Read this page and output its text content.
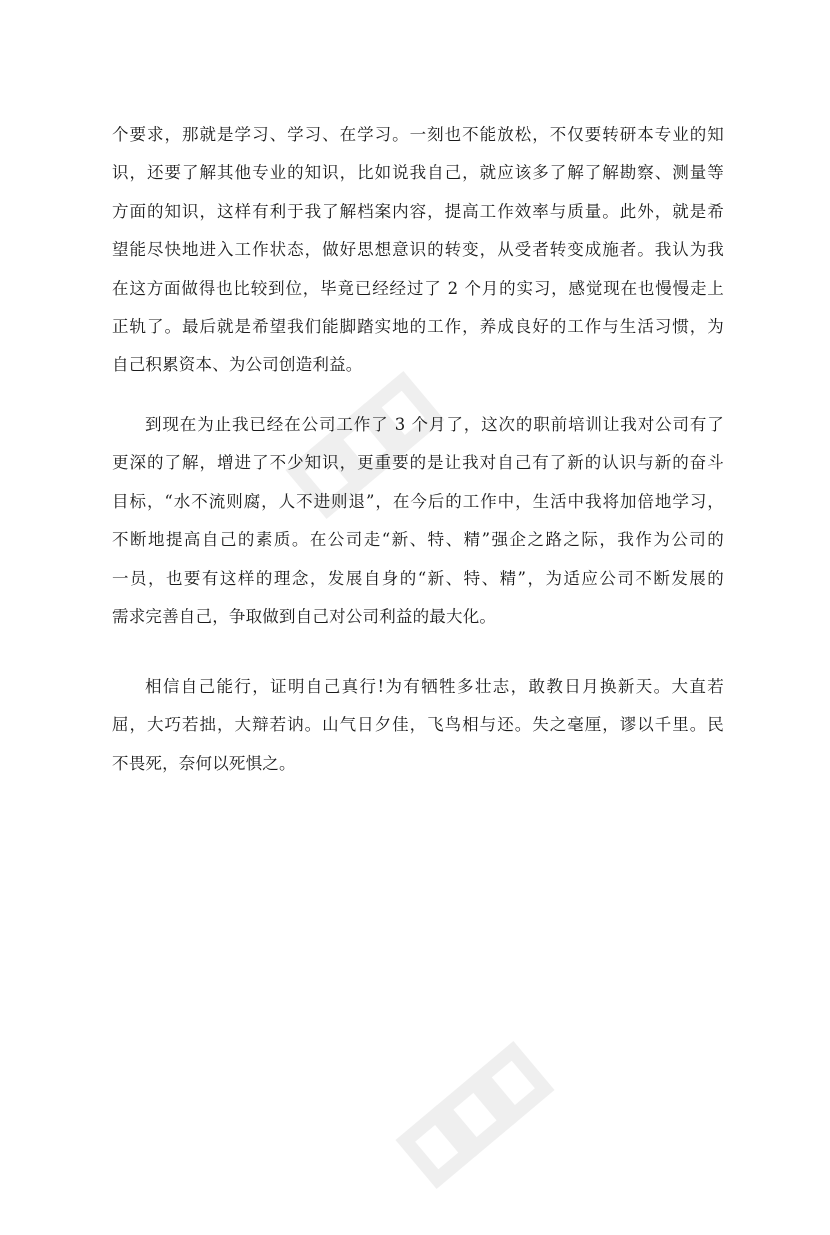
个要求，那就是学习、学习、在学习。一刻也不能放松，不仅要转研本专业的知
识，还要了解其他专业的知识，比如说我自己，就应该多了解了解勘察、测量等
方面的知识，这样有利于我了解档案内容，提高工作效率与质量。此外，就是希
望能尽快地进入工作状态，做好思想意识的转变，从受者转变成施者。我认为我
在这方面做得也比较到位，毕竟已经经过了 2 个月的实习，感觉现在也慢慢走上
正轨了。最后就是希望我们能脚踏实地的工作，养成良好的工作与生活习惯，为
自己积累资本、为公司创造利益。
到现在为止我已经在公司工作了 3 个月了，这次的职前培训让我对公司有了
更深的了解，增进了不少知识，更重要的是让我对自己有了新的认识与新的奋斗
目标，“水不流则腐，人不进则退”，在今后的工作中，生活中我将加倍地学习，
不断地提高自己的素质。在公司走“新、特、精”强企之路之际，我作为公司的
一员，也要有这样的理念，发展自身的“新、特、精”，为适应公司不断发展的
需求完善自己，争取做到自己对公司利益的最大化。
相信自己能行，证明自己真行!为有牺牲多壮志，敢教日月换新天。大直若
屈，大巧若拙，大辩若讷。山气日夕佳，飞鸟相与还。失之毫厘，谬以千里。民
不畏死，奈何以死惧之。
